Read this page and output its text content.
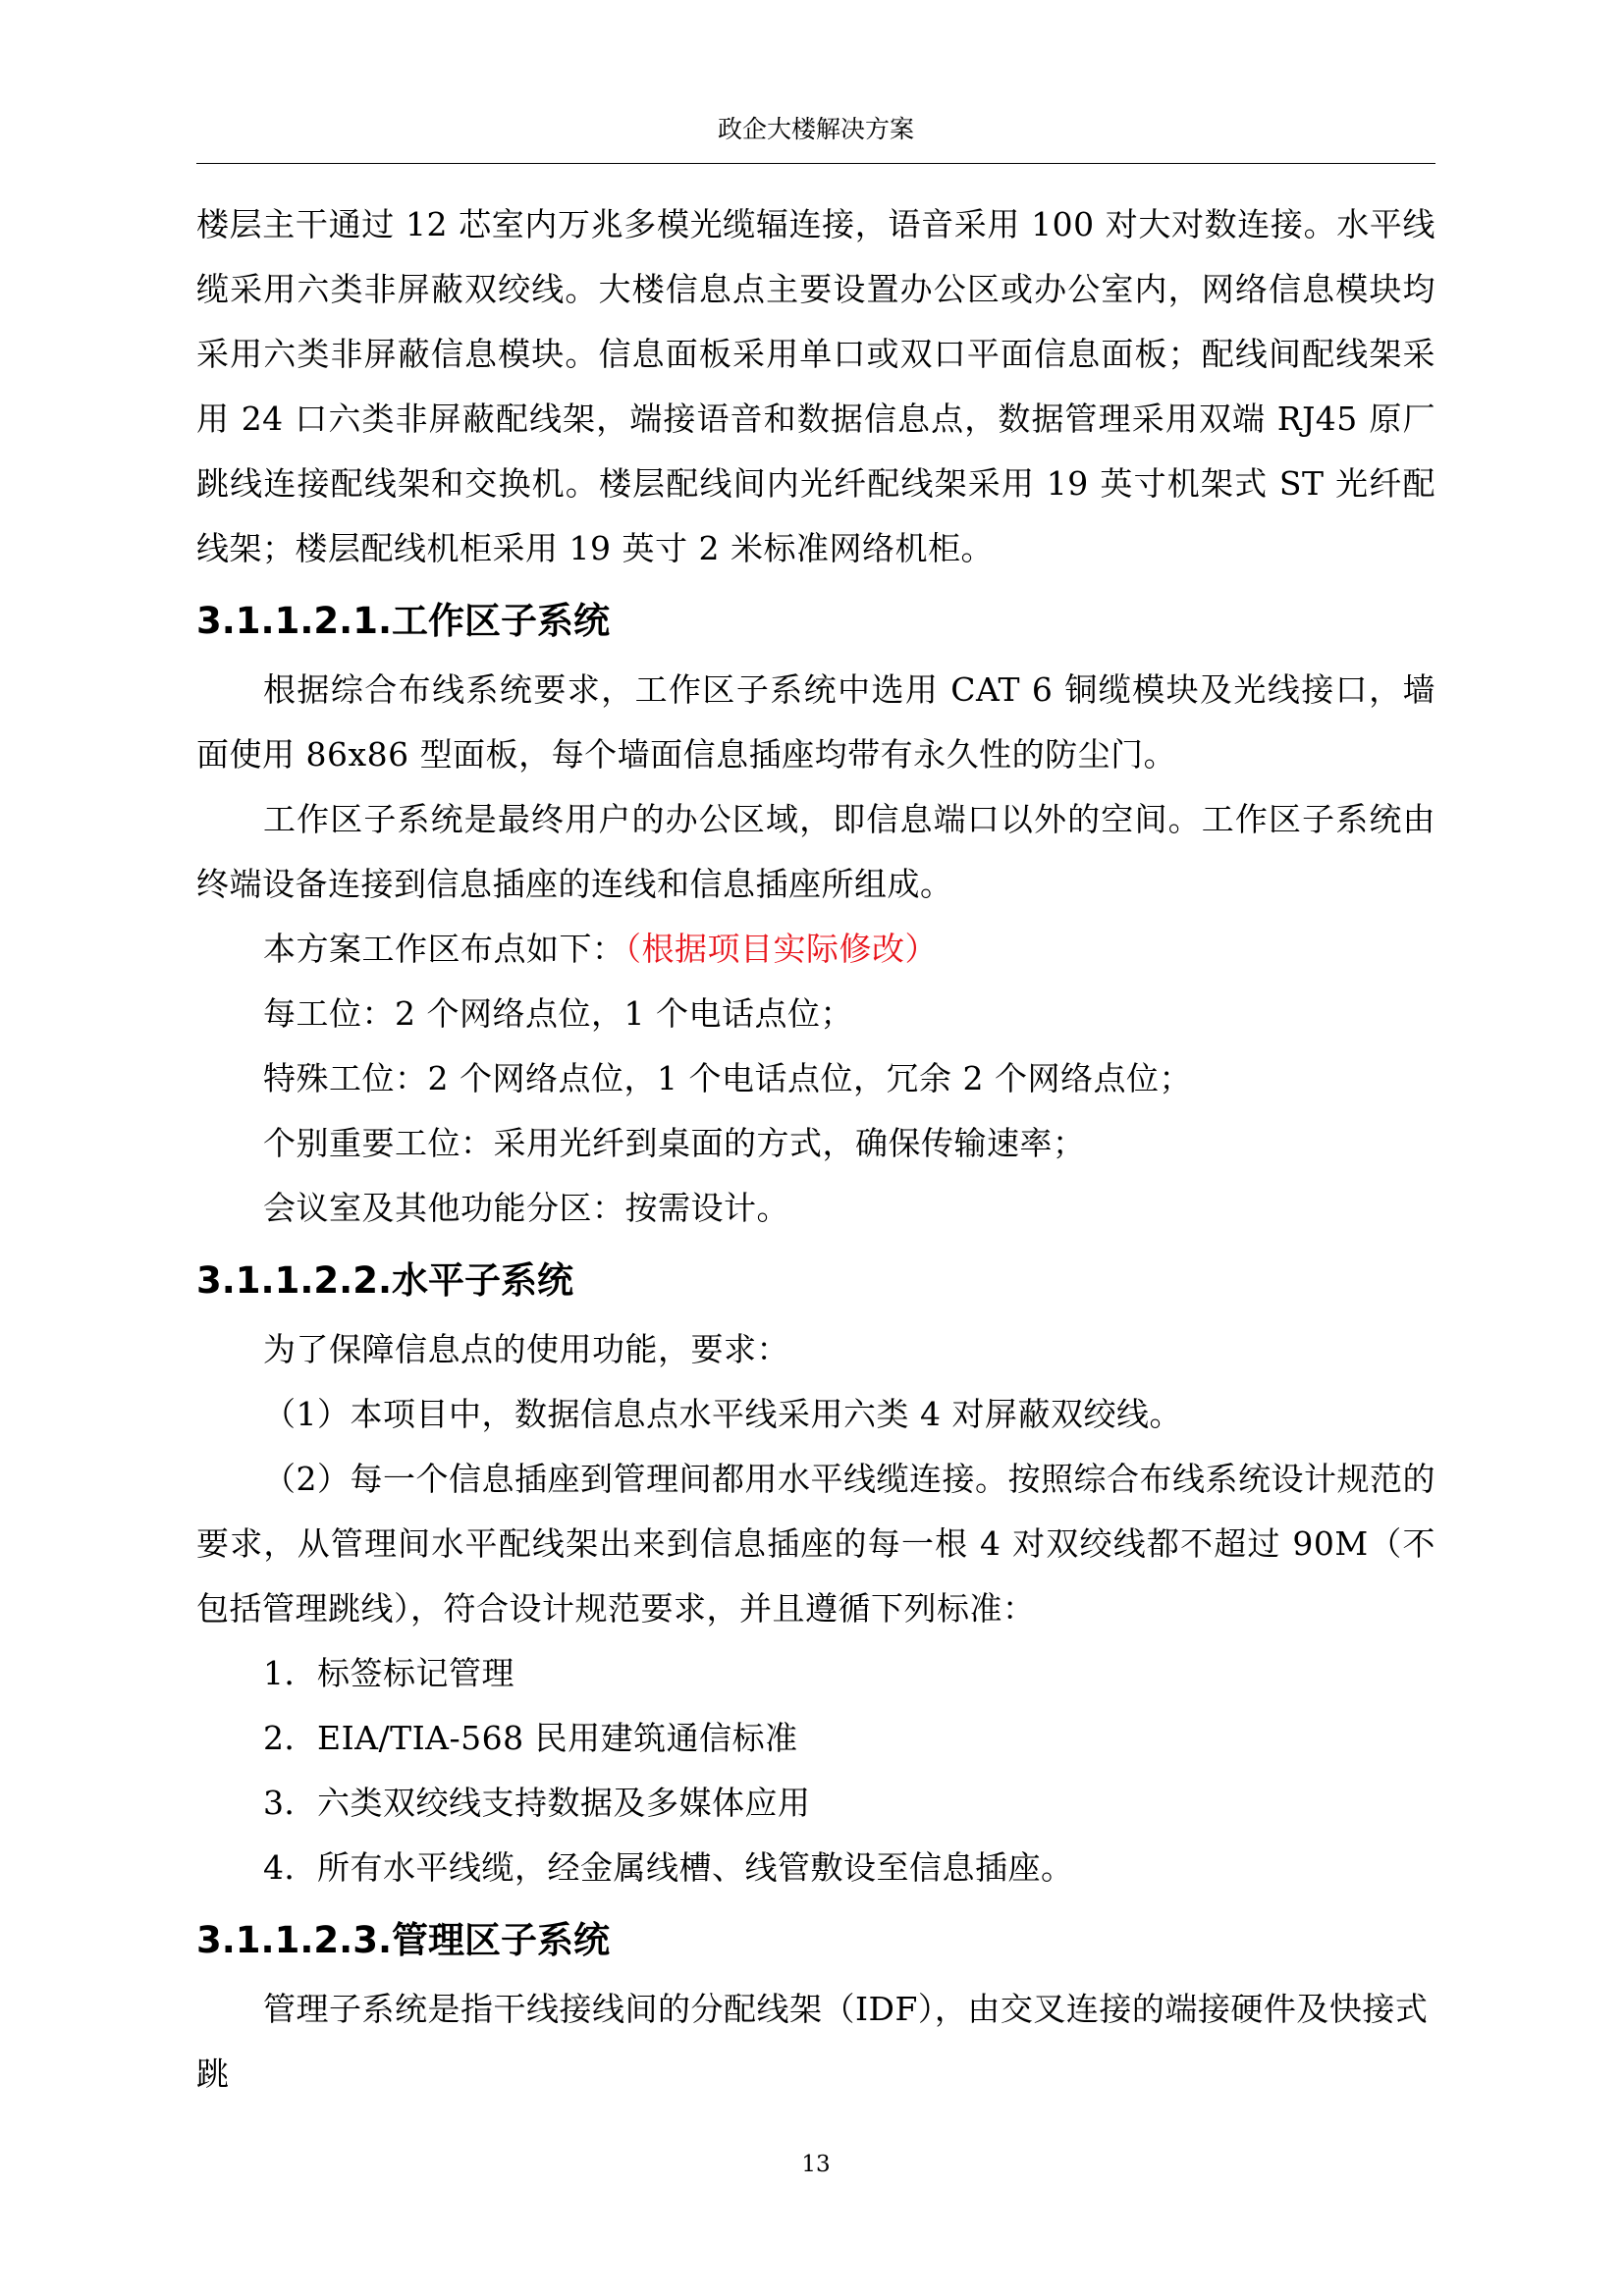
政企大楼解决方案

楼层主干通过 12 芯室内万兆多模光缆辐连接，语音采用 100 对大对数连接。水平线缆采用六类非屏蔽双绞线。大楼信息点主要设置办公区或办公室内，网络信息模块均采用六类非屏蔽信息模块。信息面板采用单口或双口平面信息面板；配线间配线架采用 24 口六类非屏蔽配线架，端接语音和数据信息点，数据管理采用双端 RJ45 原厂跳线连接配线架和交换机。楼层配线间内光纤配线架采用 19 英寸机架式 ST 光纤配线架；楼层配线机柜采用 19 英寸 2 米标准网络机柜。

3.1.1.2.1.工作区子系统

根据综合布线系统要求，工作区子系统中选用 CAT 6 铜缆模块及光线接口，墙面使用 86x86 型面板，每个墙面信息插座均带有永久性的防尘门。

工作区子系统是最终用户的办公区域，即信息端口以外的空间。工作区子系统由终端设备连接到信息插座的连线和信息插座所组成。

本方案工作区布点如下：（根据项目实际修改）

每工位：2 个网络点位，1 个电话点位；

特殊工位：2 个网络点位，1 个电话点位，冗余 2 个网络点位；

个别重要工位：采用光纤到桌面的方式，确保传输速率；

会议室及其他功能分区：按需设计。

3.1.1.2.2.水平子系统

为了保障信息点的使用功能，要求：

（1）本项目中，数据信息点水平线采用六类 4 对屏蔽双绞线。

（2）每一个信息插座到管理间都用水平线缆连接。按照综合布线系统设计规范的要求，从管理间水平配线架出来到信息插座的每一根 4 对双绞线都不超过 90M（不包括管理跳线），符合设计规范要求，并且遵循下列标准：

1．标签标记管理

2．EIA/TIA-568 民用建筑通信标准

3．六类双绞线支持数据及多媒体应用

4．所有水平线缆，经金属线槽、线管敷设至信息插座。

3.1.1.2.3.管理区子系统

管理子系统是指干线接线间的分配线架（IDF），由交叉连接的端接硬件及快接式跳

13
